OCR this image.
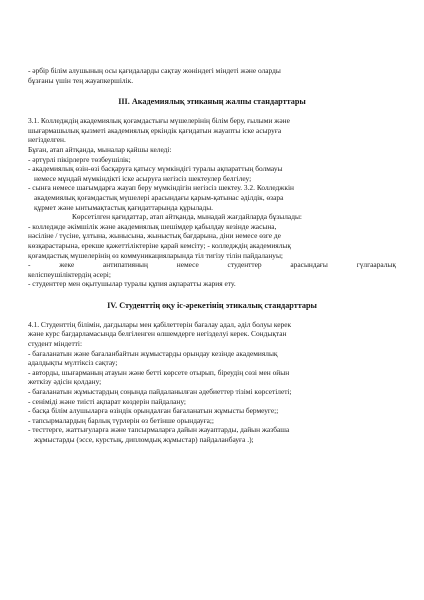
- әрбір білім алушының осы қағидаларды сақтау жөніндегі міндеті және оларды

бұзғаны үшін тең жауапкершілік.

III. Академиялық этиканың жалпы стандарттары

3.1. Колледждің академиялық қоғамдастығы мүшелерінің білім беру, ғылыми және

шығармашылық қызметі академиялық еркіндік қағидатын жауапты іске асыруға

негізделген.

Бұған, атап айтқанда, мыналар қайшы келеді:

- әртүрлі пікірлерге төзбеушілік;

- академиялық өзін-өзі басқаруға қатысу мүмкіндігі туралы ақпараттың болмауы

немесе мұндай мүмкіндікті іске асыруға негізсіз шектеулер белгілеу;

- сынға немесе шағымдарға жауап беру мүмкіндігін негізсіз шектеу. 3.2. Колледжкін

академиялық қоғамдастық мүшелері арасындағы қарым-қатынас әділдік, өзара

құрмет және ынтымақтастық қағидаттарында құрылады.

Көрсетілген қағидаттар, атап айтқанда, мынадай жағдайларда бұзылады:

- колледжде әкімшілік және академиялық шешімдер қабылдау кезінде жасына,

нәсіліне / түсіне, ұлтына, жынысына, жыныстық бағдарына, діни немесе өзге де

көзқарастарына, ерекше қажеттіліктеріне қарай кемсіту; - колледждің академиялық

қоғамдастық мүшелерінің өз коммуникацияларында тіл тигізу тілін пайдалануы;

-	жеке	антипатияның	немесе	студенттер	арасындағы	гүлгааралық

келіспеушіліктердің әсері;

- студенттер мен оқытушылар туралы құпия ақпаратты жария ету.

IV. Студенттің оқу іс-әрекетінің этикалық стандарттары

4.1. Студенттің білімін, дағдылары мен қабілеттерін бағалау адал, әділ болуы керек

және курс бағдарламасында белгіленген өлшемдерге негізделуі керек. Сондықтан

студент міндетті:

- бағаланатын және бағаланбайтын жұмыстарды орындау кезінде академиялық

адалдықты мүлтіксіз сақтау;

- авторды, шығарманың атауын және бетті көрсете отырып, біреудің сөзі мен ойын

жеткізу әдісін қолдану;

- бағаланатын жұмыстардың соңында пайдаланылған әдебиеттер тізімі көрсетілеті;

- сеніміді және тиісті ақпарат көздерін пайдалану;

- басқа білім алушыларға өзіндік орындалған бағаланатын жұмысты бермеуге;;

- тапсырмалардың барлық түрлерін өз бетінше орындауға;;

- тесттерге, жаттығуларға және тапсырмаларға дайын жауаптарды, дайын жазбаша

жұмыстарды (эссе, курстық, дипломдық жұмыстар) пайдаланбауға .);
